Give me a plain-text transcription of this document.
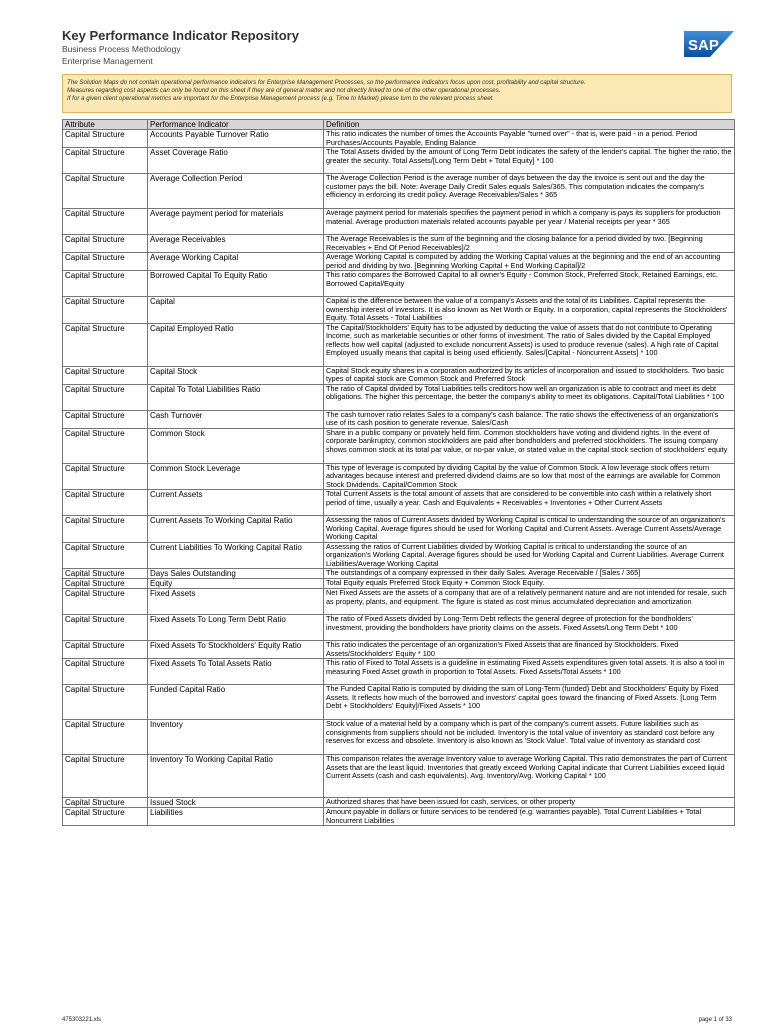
Key Performance Indicator Repository
Business Process Methodology
Enterprise Management
SAP
The Solution Maps do not contain operational performance indicators for Enterprise Management Processes, so the performance indicators focus upon cost, profitability and capital structure.
Measures regarding cost aspects can only be found on this sheet if they are of general matter and not directly linked to one of the other operational processes.
If for a given client operational metrics are important for the Enterprise Management process (e.g. Time to Market) please turn to the relevant process sheet.
Attribute	Performance Indicator	Definition
Capital Structure	Accounts Payable Turnover Ratio	This ratio indicates the number of times the Accounts Payable "turned over" - that is, were paid - in a period. Period Purchases/Accounts Payable, Ending Balance
Capital Structure	Asset Coverage Ratio	The Total Assets divided by the amount of Long Term Debt indicates the safety of the lender's capital. The higher the ratio, the greater the security. Total Assets/[Long Term Debt + Total Equity] * 100
Capital Structure	Average Collection Period	The Average Collection Period is the average number of days between the day the invoice is sent out and the day the customer pays the bill. Note: Average Daily Credit Sales equals Sales/365. This computation indicates the company's efficiency in enforcing its credit policy. Average Receivables/Sales * 365
Capital Structure	Average payment period for materials	Average payment period for materials specifies the payment period in which a company is pays its suppliers for production material. Average production materials related accounts payable per year / Material receipts per year * 365
Capital Structure	Average Receivables	The Average Receivables is the sum of the beginning and the closing balance for a period divided by two. [Beginning Receivables + End Of Period Receivables]/2
Capital Structure	Average Working Capital	Average Working Capital is computed by adding the Working Capital values at the beginning and the end of an accounting period and dividing by two. [Beginning Working Capital + End Working Capital]/2
Capital Structure	Borrowed Capital To Equity Ratio	This ratio compares the Borrowed Capital to all owner's Equity - Common Stock, Preferred Stock, Retained Earnings, etc. Borrowed Capital/Equity
Capital Structure	Capital	Capital is the difference between the value of a company's Assets and the total of its Liabilities. Capital represents the ownership interest of investors. It is also known as Net Worth or Equity. In a corporation, capital represents the Stockholders' Equity. Total Assets - Total Liabilities
Capital Structure	Capital Employed Ratio	The Capital/Stockholders' Equity has to be adjusted by deducting the value of assets that do not contribute to Operating Income, such as marketable securities or other forms of investment. The ratio of Sales divided by the Capital Employed reflects how well capital (adjusted to exclude noncurrent Assets) is used to produce revenue (sales). A high rate of Capital Employed usually means that capital is being used efficiently. Sales/[Capital - Noncurrent Assets] * 100
Capital Structure	Capital Stock	Capital Stock equity shares in a corporation authorized by its articles of incorporation and issued to stockholders. Two basic types of capital stock are Common Stock and Preferred Stock
Capital Structure	Capital To Total Liabilities Ratio	The ratio of Capital divided by Total Liabilities tells creditors how well an organization is able to contract and meet its debt obligations. The higher this percentage, the better the company's ability to meet its obligations. Capital/Total Liabilities * 100
Capital Structure	Cash Turnover	The cash turnover ratio relates Sales to a company's cash balance. The ratio shows the effectiveness of an organization's use of its cash position to generate revenue. Sales/Cash
Capital Structure	Common Stock	Share in a public company or privately held firm. Common stockholders have voting and dividend rights. In the event of corporate bankruptcy, common stockholders are paid after bondholders and preferred stockholders. The issuing company shows common stock at its total par value, or no-par value, or stated value in the capital stock section of stockholders' equity
Capital Structure	Common Stock Leverage	This type of leverage is computed by dividing Capital by the value of Common Stock. A low leverage stock offers return advantages because interest and preferred dividend claims are so low that most of the earnings are available for Common Stock Dividends. Capital/Common Stock
Capital Structure	Current Assets	Total Current Assets is the total amount of assets that are considered to be convertible into cash within a relatively short period of time, usually a year. Cash and Equivalents + Receivables + Inventories + Other Current Assets
Capital Structure	Current Assets To Working Capital Ratio	Assessing the ratios of Current Assets divided by Working Capital is critical to understanding the source of an organization's Working Capital. Average figures should be used for Working Capital and Current Assets. Average Current Assets/Average Working Capital
Capital Structure	Current Liabilities To Working Capital Ratio	Assessing the ratios of Current Liabilities divided by Working Capital is critical to understanding the source of an organization's Working Capital. Average figures should be used for Working Capital and Current Liabilities. Average Current Liabilities/Average Working Capital
Capital Structure	Days Sales Outstanding	The outstandings of a company expressed in their daily Sales. Average Receivable / [Sales / 365]
Capital Structure	Equity	Total Equity equals Preferred Stock Equity + Common Stock Equity.
Capital Structure	Fixed Assets	Net Fixed Assets are the assets of a company that are of a relatively permanent nature and are not intended for resale, such as property, plants, and equipment. The figure is stated as cost minus accumulated depreciation and amortization
Capital Structure	Fixed Assets To Long Term Debt Ratio	The ratio of Fixed Assets divided by Long-Term Debt reflects the general degree of protection for the bondholders' investment, providing the bondholders have priority claims on the assets. Fixed Assets/Long Term Debt * 100
Capital Structure	Fixed Assets To Stockholders' Equity Ratio	This ratio indicates the percentage of an organization's Fixed Assets that are financed by Stockholders. Fixed Assets/Stockholders' Equity * 100
Capital Structure	Fixed Assets To Total Assets Ratio	This ratio of Fixed to Total Assets is a guideline in estimating Fixed Assets expenditures given total assets. It is also a tool in measuring Fixed Asset growth in proportion to Total Assets. Fixed Assets/Total Assets * 100
Capital Structure	Funded Capital Ratio	The Funded Capital Ratio is computed by dividing the sum of Long-Term (funded) Debt and Stockholders' Equity by Fixed Assets. It reflects how much of the borrowed and investors' capital goes toward the financing of Fixed Assets. [Long Term Debt + Stockholders' Equity]/Fixed Assets * 100
Capital Structure	Inventory	Stock value of a material held by a company which is part of the company's current assets. Future liabilities such as consignments from suppliers should not be included. Inventory is the total value of inventory as standard cost before any reserves for excess and obsolete. Inventory is also known as 'Stock Value'. Total value of inventory as standard cost
Capital Structure	Inventory To Working Capital Ratio	This comparison relates the average Inventory value to average Working Capital. This ratio demonstrates the part of Current Assets that are the least liquid. Inventories that greatly exceed Working Capital indicate that Current Liabilities exceed liquid Current Assets (cash and cash equivalents). Avg. Inventory/Avg. Working Capital * 100
Capital Structure	Issued Stock	Authorized shares that have been issued for cash, services, or other property
Capital Structure	Liabilities	Amount payable in dollars or future services to be rendered (e.g. warranties payable). Total Current Liabilities + Total Noncurrent Liabilities
475303221.xls	page 1 of 33
